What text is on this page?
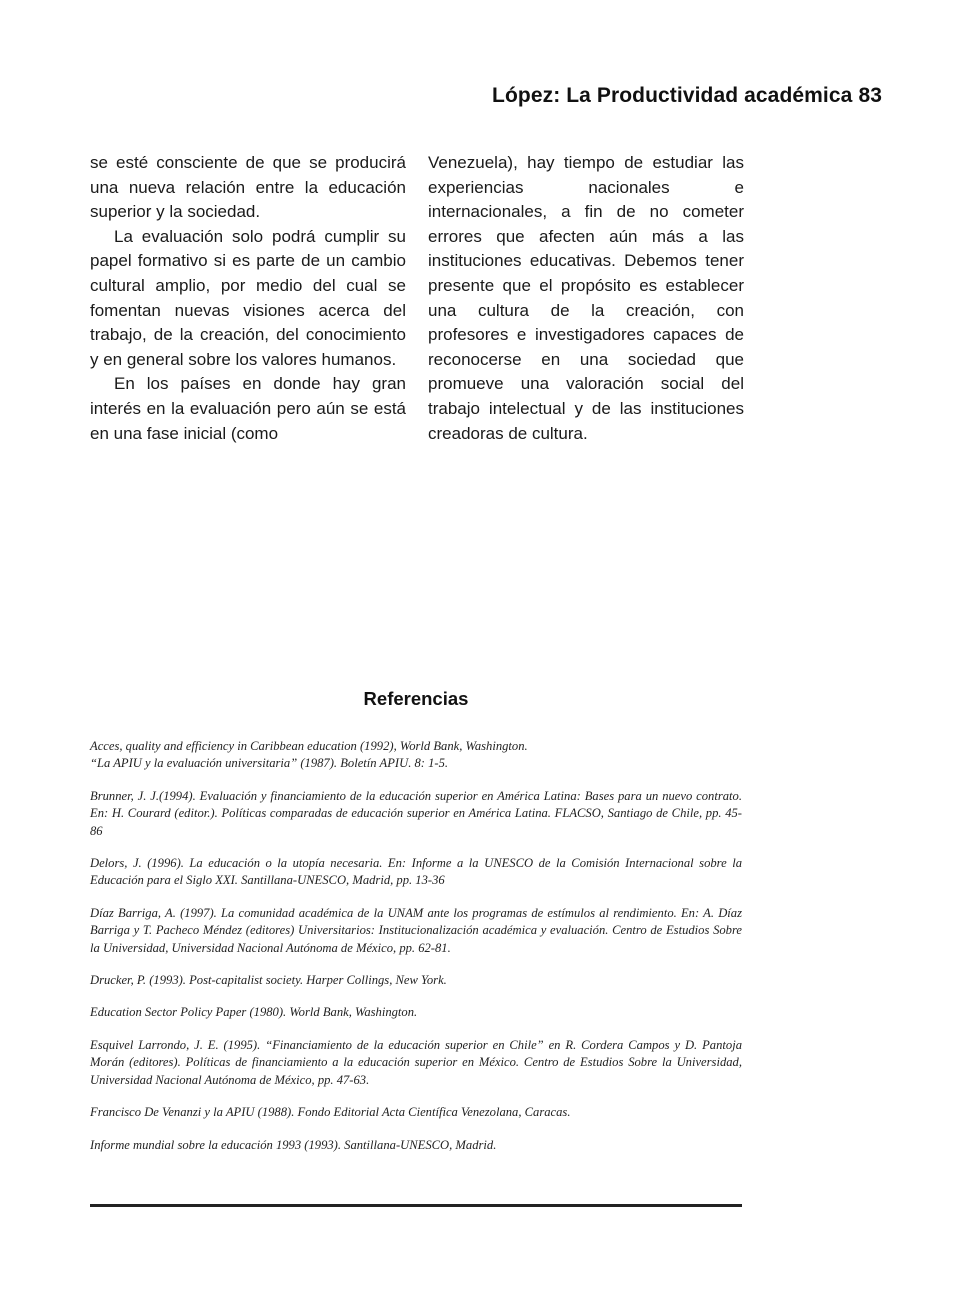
López: La Productividad académica 83

se esté consciente de que se producirá una nueva relación entre la educación superior y la sociedad.

La evaluación solo podrá cumplir su papel formativo si es parte de un cambio cultural amplio, por medio del cual se fomentan nuevas visiones acerca del trabajo, de la creación, del conocimiento y en general sobre los valores humanos.

En los países en donde hay gran interés en la evaluación pero aún se está en una fase inicial (como

Venezuela), hay tiempo de estudiar las experiencias nacionales e internacionales, a fin de no cometer errores que afecten aún más a las instituciones educativas. Debemos tener presente que el propósito es establecer una cultura de la creación, con profesores e investigadores capaces de reconocerse en una sociedad que promueve una valoración social del trabajo intelectual y de las instituciones creadoras de cultura.

Referencias
Acces, quality and efficiency in Caribbean education (1992), World Bank, Washington.
“La APIU y la evaluación universitaria” (1987). Boletín APIU. 8: 1-5.
Brunner, J. J.(1994). Evaluación y financiamiento de la educación superior en América Latina: Bases para un nuevo contrato. En: H. Courard (editor.). Políticas comparadas de educación superior en América Latina. FLACSO, Santiago de Chile, pp. 45-86
Delors, J. (1996). La educación o la utopía necesaria. En: Informe a la UNESCO de la Comisión Internacional sobre la Educación para el Siglo XXI. Santillana-UNESCO, Madrid, pp. 13-36
Díaz Barriga, A. (1997). La comunidad académica de la UNAM ante los programas de estímulos al rendimiento. En: A. Díaz Barriga y T. Pacheco Méndez (editores) Universitarios: Institucionalización académica y evaluación. Centro de Estudios Sobre la Universidad, Universidad Nacional Autónoma de México, pp. 62-81.
Drucker, P. (1993). Post-capitalist society. Harper Collings, New York.
Education Sector Policy Paper (1980). World Bank, Washington.
Esquivel Larrondo, J. E. (1995). “Financiamiento de la educación superior en Chile” en R. Cordera Campos y D. Pantoja Morán (editores). Políticas de financiamiento a la educación superior en México. Centro de Estudios Sobre la Universidad, Universidad Nacional Autónoma de México, pp. 47-63.
Francisco De Venanzi y la APIU (1988). Fondo Editorial Acta Científica Venezolana, Caracas.
Informe mundial sobre la educación 1993 (1993). Santillana-UNESCO, Madrid.
